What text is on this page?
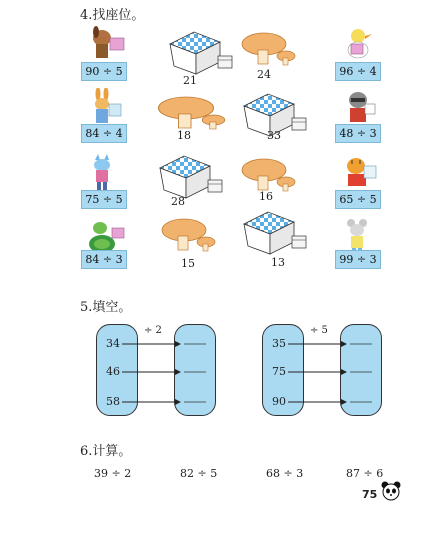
4.找座位。
90 ÷ 5	96 ÷ 4
84 ÷ 4	48 ÷ 3
75 ÷ 5	65 ÷ 5
84 ÷ 3	99 ÷ 3
21	24
18	33
28	16
15	13
5.填空。
÷ 2
34
46
58
÷ 5
35
75
90
6.计算。
39 ÷ 2	82 ÷ 5	68 ÷ 3	87 ÷ 6
75
